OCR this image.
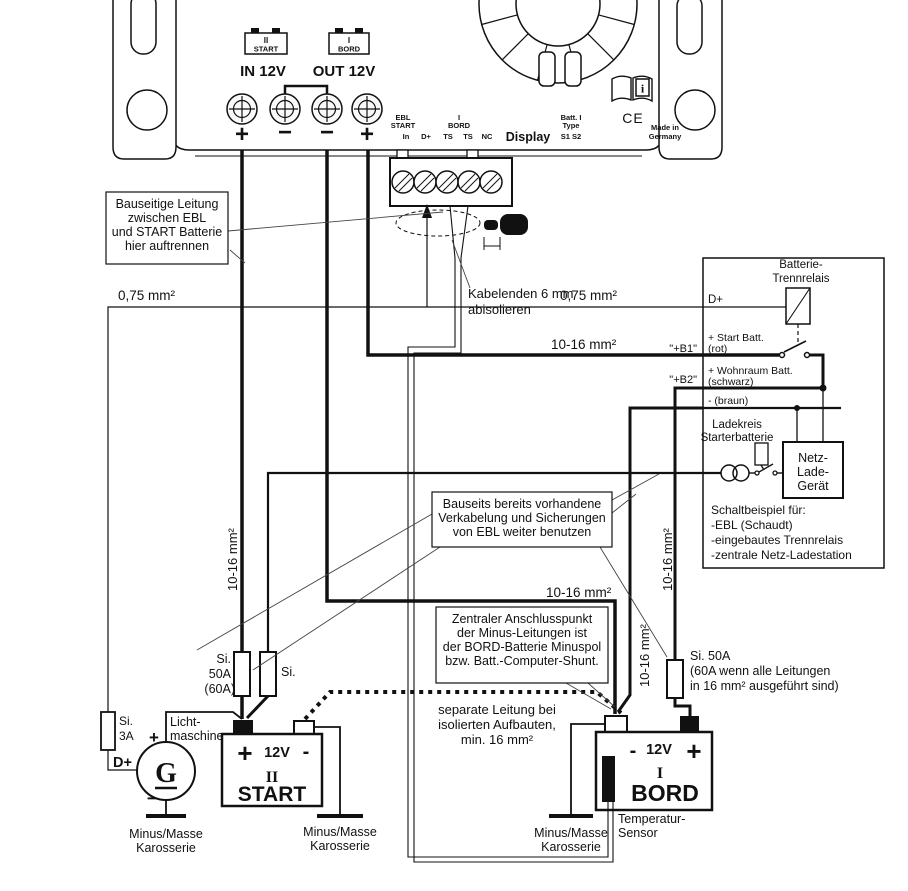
II
START
I
BORD
IN 12V OUT 12V
+ − − +
EBL
START
In D+
I
BORD
TS TS NC Display
Batt. I
Type
S1 S2
CE
Made in
Germany
i
G
+
−
+ 12V -
II
START
- 12V +
I
BORD
Bauseitige Leitung
zwischen EBL
und START Batterie
hier auftrennen
Bauseits bereits vorhandene
Verkabelung und Sicherungen
von EBL weiter benutzen
Zentraler Anschlusspunkt
der Minus-Leitungen ist
der BORD-Batterie Minuspol
bzw. Batt.-Computer-Shunt.
Kabelenden 6 mm
abisolieren
separate Leitung bei
isolierten Aufbauten,
min. 16 mm²
0,75 mm²	0,75 mm²
10-16 mm²
10-16 mm²
10-16 mm²	10-16 mm²
10-16 mm²
"+B1"
"+B2"
Batterie-
Trennrelais
D+
+ Start Batt.
(rot)
+ Wohnraum Batt.
(schwarz)
- (braun)
Ladekreis
Starterbatterie
Netz-
Lade-
Gerät
Schaltbeispiel für:
-EBL (Schaudt)
-eingebautes Trennrelais
-zentrale Netz-Ladestation
Si.
3A
Si.
50A
(60A)
Si.
Si. 50A
(60A wenn alle Leitungen
in 16 mm² ausgeführt sind)
D+
Licht-
maschine
Temperatur-
Sensor
Minus/Masse
Karosserie
Minus/Masse
Karosserie
Minus/Masse
Karosserie
